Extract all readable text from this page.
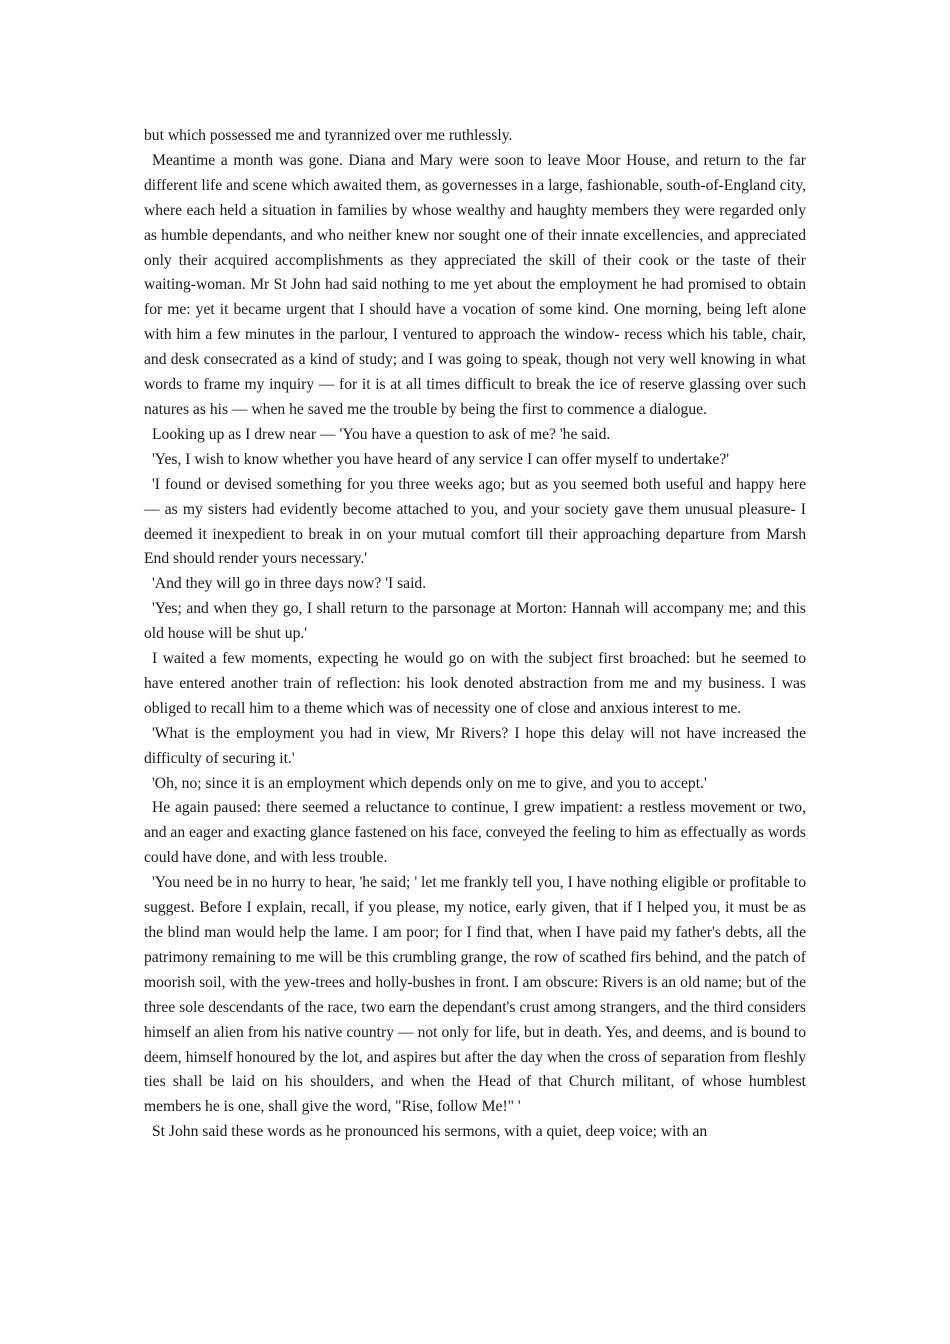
but which possessed me and tyrannized over me ruthlessly.

Meantime a month was gone. Diana and Mary were soon to leave Moor House, and return to the far different life and scene which awaited them, as governesses in a large, fashionable, south-of-England city, where each held a situation in families by whose wealthy and haughty members they were regarded only as humble dependants, and who neither knew nor sought one of their innate excellencies, and appreciated only their acquired accomplishments as they appreciated the skill of their cook or the taste of their waiting-woman. Mr St John had said nothing to me yet about the employment he had promised to obtain for me: yet it became urgent that I should have a vocation of some kind. One morning, being left alone with him a few minutes in the parlour, I ventured to approach the window- recess which his table, chair, and desk consecrated as a kind of study; and I was going to speak, though not very well knowing in what words to frame my inquiry — for it is at all times difficult to break the ice of reserve glassing over such natures as his — when he saved me the trouble by being the first to commence a dialogue.

Looking up as I drew near — 'You have a question to ask of me? 'he said.

'Yes, I wish to know whether you have heard of any service I can offer myself to undertake?'

'I found or devised something for you three weeks ago; but as you seemed both useful and happy here — as my sisters had evidently become attached to you, and your society gave them unusual pleasure- I deemed it inexpedient to break in on your mutual comfort till their approaching departure from Marsh End should render yours necessary.'

'And they will go in three days now? 'I said.

'Yes; and when they go, I shall return to the parsonage at Morton: Hannah will accompany me; and this old house will be shut up.'

I waited a few moments, expecting he would go on with the subject first broached: but he seemed to have entered another train of reflection: his look denoted abstraction from me and my business. I was obliged to recall him to a theme which was of necessity one of close and anxious interest to me.

'What is the employment you had in view, Mr Rivers? I hope this delay will not have increased the difficulty of securing it.'

'Oh, no; since it is an employment which depends only on me to give, and you to accept.'

He again paused: there seemed a reluctance to continue, I grew impatient: a restless movement or two, and an eager and exacting glance fastened on his face, conveyed the feeling to him as effectually as words could have done, and with less trouble.

'You need be in no hurry to hear, 'he said; ' let me frankly tell you, I have nothing eligible or profitable to suggest. Before I explain, recall, if you please, my notice, early given, that if I helped you, it must be as the blind man would help the lame. I am poor; for I find that, when I have paid my father's debts, all the patrimony remaining to me will be this crumbling grange, the row of scathed firs behind, and the patch of moorish soil, with the yew-trees and holly-bushes in front. I am obscure: Rivers is an old name; but of the three sole descendants of the race, two earn the dependant's crust among strangers, and the third considers himself an alien from his native country — not only for life, but in death. Yes, and deems, and is bound to deem, himself honoured by the lot, and aspires but after the day when the cross of separation from fleshly ties shall be laid on his shoulders, and when the Head of that Church militant, of whose humblest members he is one, shall give the word, "Rise, follow Me!" '

St John said these words as he pronounced his sermons, with a quiet, deep voice; with an
